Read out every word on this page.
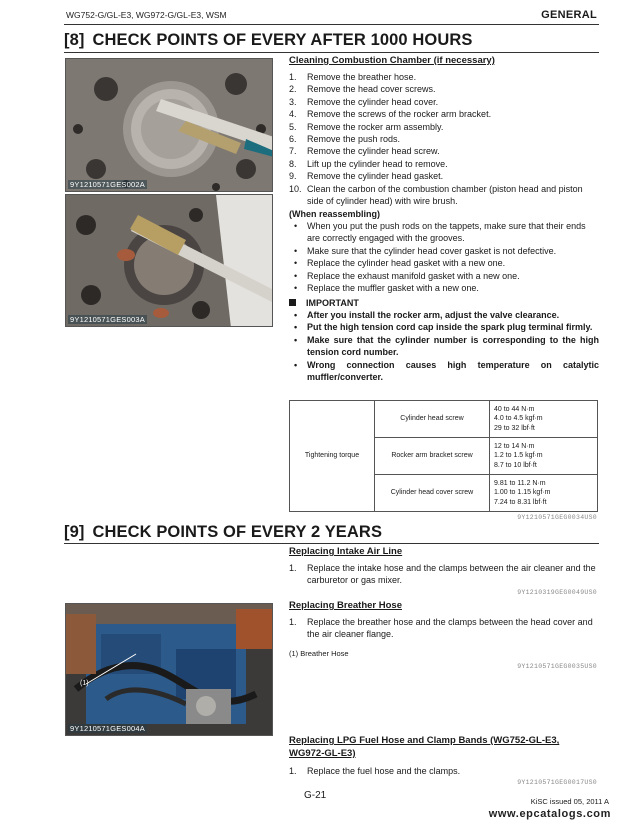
WG752-G/GL-E3, WG972-G/GL-E3, WSM	GENERAL
[8] CHECK POINTS OF EVERY AFTER 1000 HOURS
9Y1210571GES002A
9Y1210571GES003A
Cleaning Combustion Chamber (if necessary)
1. Remove the breather hose.
2. Remove the head cover screws.
3. Remove the cylinder head cover.
4. Remove the screws of the rocker arm bracket.
5. Remove the rocker arm assembly.
6. Remove the push rods.
7. Remove the cylinder head screw.
8. Lift up the cylinder head to remove.
9. Remove the cylinder head gasket.
10. Clean the carbon of the combustion chamber (piston head and piston side of cylinder head) with wire brush.
(When reassembling)
• When you put the push rods on the tappets, make sure that their ends are correctly engaged with the grooves.
• Make sure that the cylinder head cover gasket is not defective.
• Replace the cylinder head gasket with a new one.
• Replace the exhaust manifold gasket with a new one.
• Replace the muffler gasket with a new one.
IMPORTANT
• After you install the rocker arm, adjust the valve clearance.
• Put the high tension cord cap inside the spark plug terminal firmly.
• Make sure that the cylinder number is corresponding to the high tension cord number.
• Wrong connection causes high temperature on catalytic muffler/converter.
Tightening torque	Cylinder head screw	40 to 44 N·m
4.0 to 4.5 kgf·m
29 to 32 lbf·ft

	Rocker arm bracket screw	12 to 14 N·m
1.2 to 1.5 kgf·m
8.7 to 10 lbf·ft

	Cylinder head cover screw	9.81 to 11.2 N·m
1.00 to 1.15 kgf·m
7.24 to 8.31 lbf·ft
9Y1210571GEG0034US0
[9] CHECK POINTS OF EVERY 2 YEARS
Replacing Intake Air Line
1. Replace the intake hose and the clamps between the air cleaner and the carburetor or gas mixer.
9Y1210319GEG0049US0
(1)
9Y1210571GES004A
Replacing Breather Hose
1. Replace the breather hose and the clamps between the head cover and the air cleaner flange.
(1) Breather Hose
9Y1210571GEG0035US0
Replacing LPG Fuel Hose and Clamp Bands (WG752-GL-E3,
WG972-GL-E3)
1. Replace the fuel hose and the clamps.
9Y1210571GEG0017US0
G-21
KiSC issued 05, 2011 A
www.epcatalogs.com
